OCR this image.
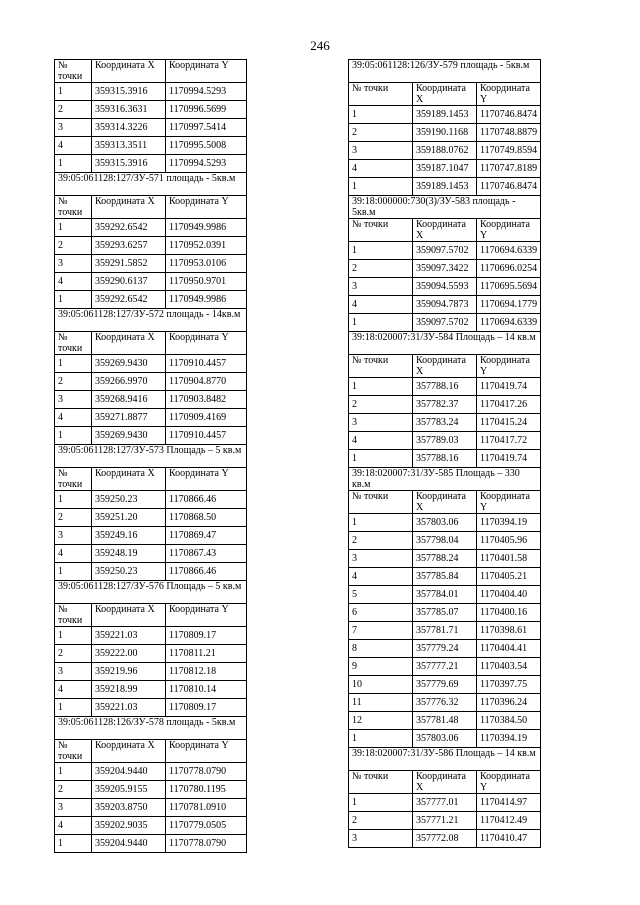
246
№ точки	Координата X	Координата Y
1	359315.3916	1170994.5293
2	359316.3631	1170996.5699
3	359314.3226	1170997.5414
4	359313.3511	1170995.5008
1	359315.3916	1170994.5293
39:05:061128:127/ЗУ-571 площадь - 5кв.м		
№ точки	Координата X	Координата Y
1	359292.6542	1170949.9986
2	359293.6257	1170952.0391
3	359291.5852	1170953.0106
4	359290.6137	1170950.9701
1	359292.6542	1170949.9986
39:05:061128:127/ЗУ-572 площадь - 14кв.м		
№ точки	Координата X	Координата Y
1	359269.9430	1170910.4457
2	359266.9970	1170904.8770
3	359268.9416	1170903.8482
4	359271.8877	1170909.4169
1	359269.9430	1170910.4457
39:05:061128:127/ЗУ-573 Площадь – 5 кв.м		
№ точки	Координата X	Координата Y
1	359250.23	1170866.46
2	359251.20	1170868.50
3	359249.16	1170869.47
4	359248.19	1170867.43
1	359250.23	1170866.46
39:05:061128:127/ЗУ-576 Площадь – 5 кв.м		
№ точки	Координата X	Координата Y
1	359221.03	1170809.17
2	359222.00	1170811.21
3	359219.96	1170812.18
4	359218.99	1170810.14
1	359221.03	1170809.17
39:05:061128:126/ЗУ-578 площадь - 5кв.м		
№ точки	Координата X	Координата Y
1	359204.9440	1170778.0790
2	359205.9155	1170780.1195
3	359203.8750	1170781.0910
4	359202.9035	1170779.0505
1	359204.9440	1170778.0790
39:05:061128:126/ЗУ-579 площадь - 5кв.м		
№ точки	Координата X	Координата Y
1	359189.1453	1170746.8474
2	359190.1168	1170748.8879
3	359188.0762	1170749.8594
4	359187.1047	1170747.8189
1	359189.1453	1170746.8474
39:18:000000:730(3)/ЗУ-583 площадь - 5кв.м		
№ точки	Координата X	Координата Y
1	359097.5702	1170694.6339
2	359097.3422	1170696.0254
3	359094.5593	1170695.5694
4	359094.7873	1170694.1779
1	359097.5702	1170694.6339
39:18:020007:31/ЗУ-584 Площадь – 14 кв.м		
№ точки	Координата X	Координата Y
1	357788.16	1170419.74
2	357782.37	1170417.26
3	357783.24	1170415.24
4	357789.03	1170417.72
1	357788.16	1170419.74
39:18:020007:31/ЗУ-585 Площадь – 330 кв.м		
№ точки	Координата X	Координата Y
1	357803.06	1170394.19
2	357798.04	1170405.96
3	357788.24	1170401.58
4	357785.84	1170405.21
5	357784.01	1170404.40
6	357785.07	1170400.16
7	357781.71	1170398.61
8	357779.24	1170404.41
9	357777.21	1170403.54
10	357779.69	1170397.75
11	357776.32	1170396.24
12	357781.48	1170384.50
1	357803.06	1170394.19
39:18:020007:31/ЗУ-586 Площадь – 14 кв.м		
№ точки	Координата X	Координата Y
1	357777.01	1170414.97
2	357771.21	1170412.49
3	357772.08	1170410.47
